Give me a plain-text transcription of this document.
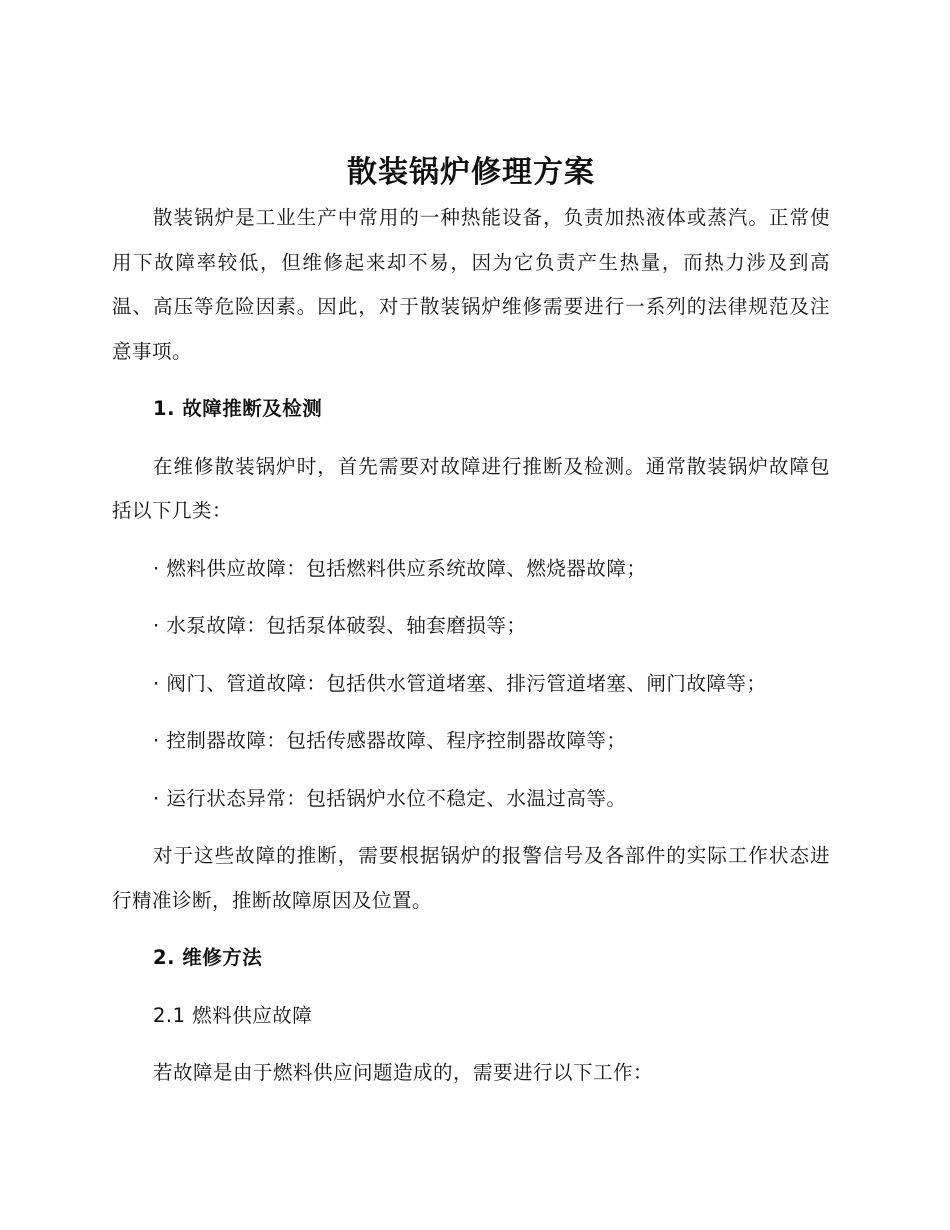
散装锅炉修理方案

散装锅炉是工业生产中常用的一种热能设备，负责加热液体或蒸汽。正常使用下故障率较低，但维修起来却不易，因为它负责产生热量，而热力涉及到高温、高压等危险因素。因此，对于散装锅炉维修需要进行一系列的法律规范及注意事项。

1. 故障推断及检测

在维修散装锅炉时，首先需要对故障进行推断及检测。通常散装锅炉故障包括以下几类：

· 燃料供应故障：包括燃料供应系统故障、燃烧器故障；

· 水泵故障：包括泵体破裂、轴套磨损等；

· 阀门、管道故障：包括供水管道堵塞、排污管道堵塞、闸门故障等；

· 控制器故障：包括传感器故障、程序控制器故障等；

· 运行状态异常：包括锅炉水位不稳定、水温过高等。

对于这些故障的推断，需要根据锅炉的报警信号及各部件的实际工作状态进行精准诊断，推断故障原因及位置。

2. 维修方法

2.1 燃料供应故障

若故障是由于燃料供应问题造成的，需要进行以下工作：
